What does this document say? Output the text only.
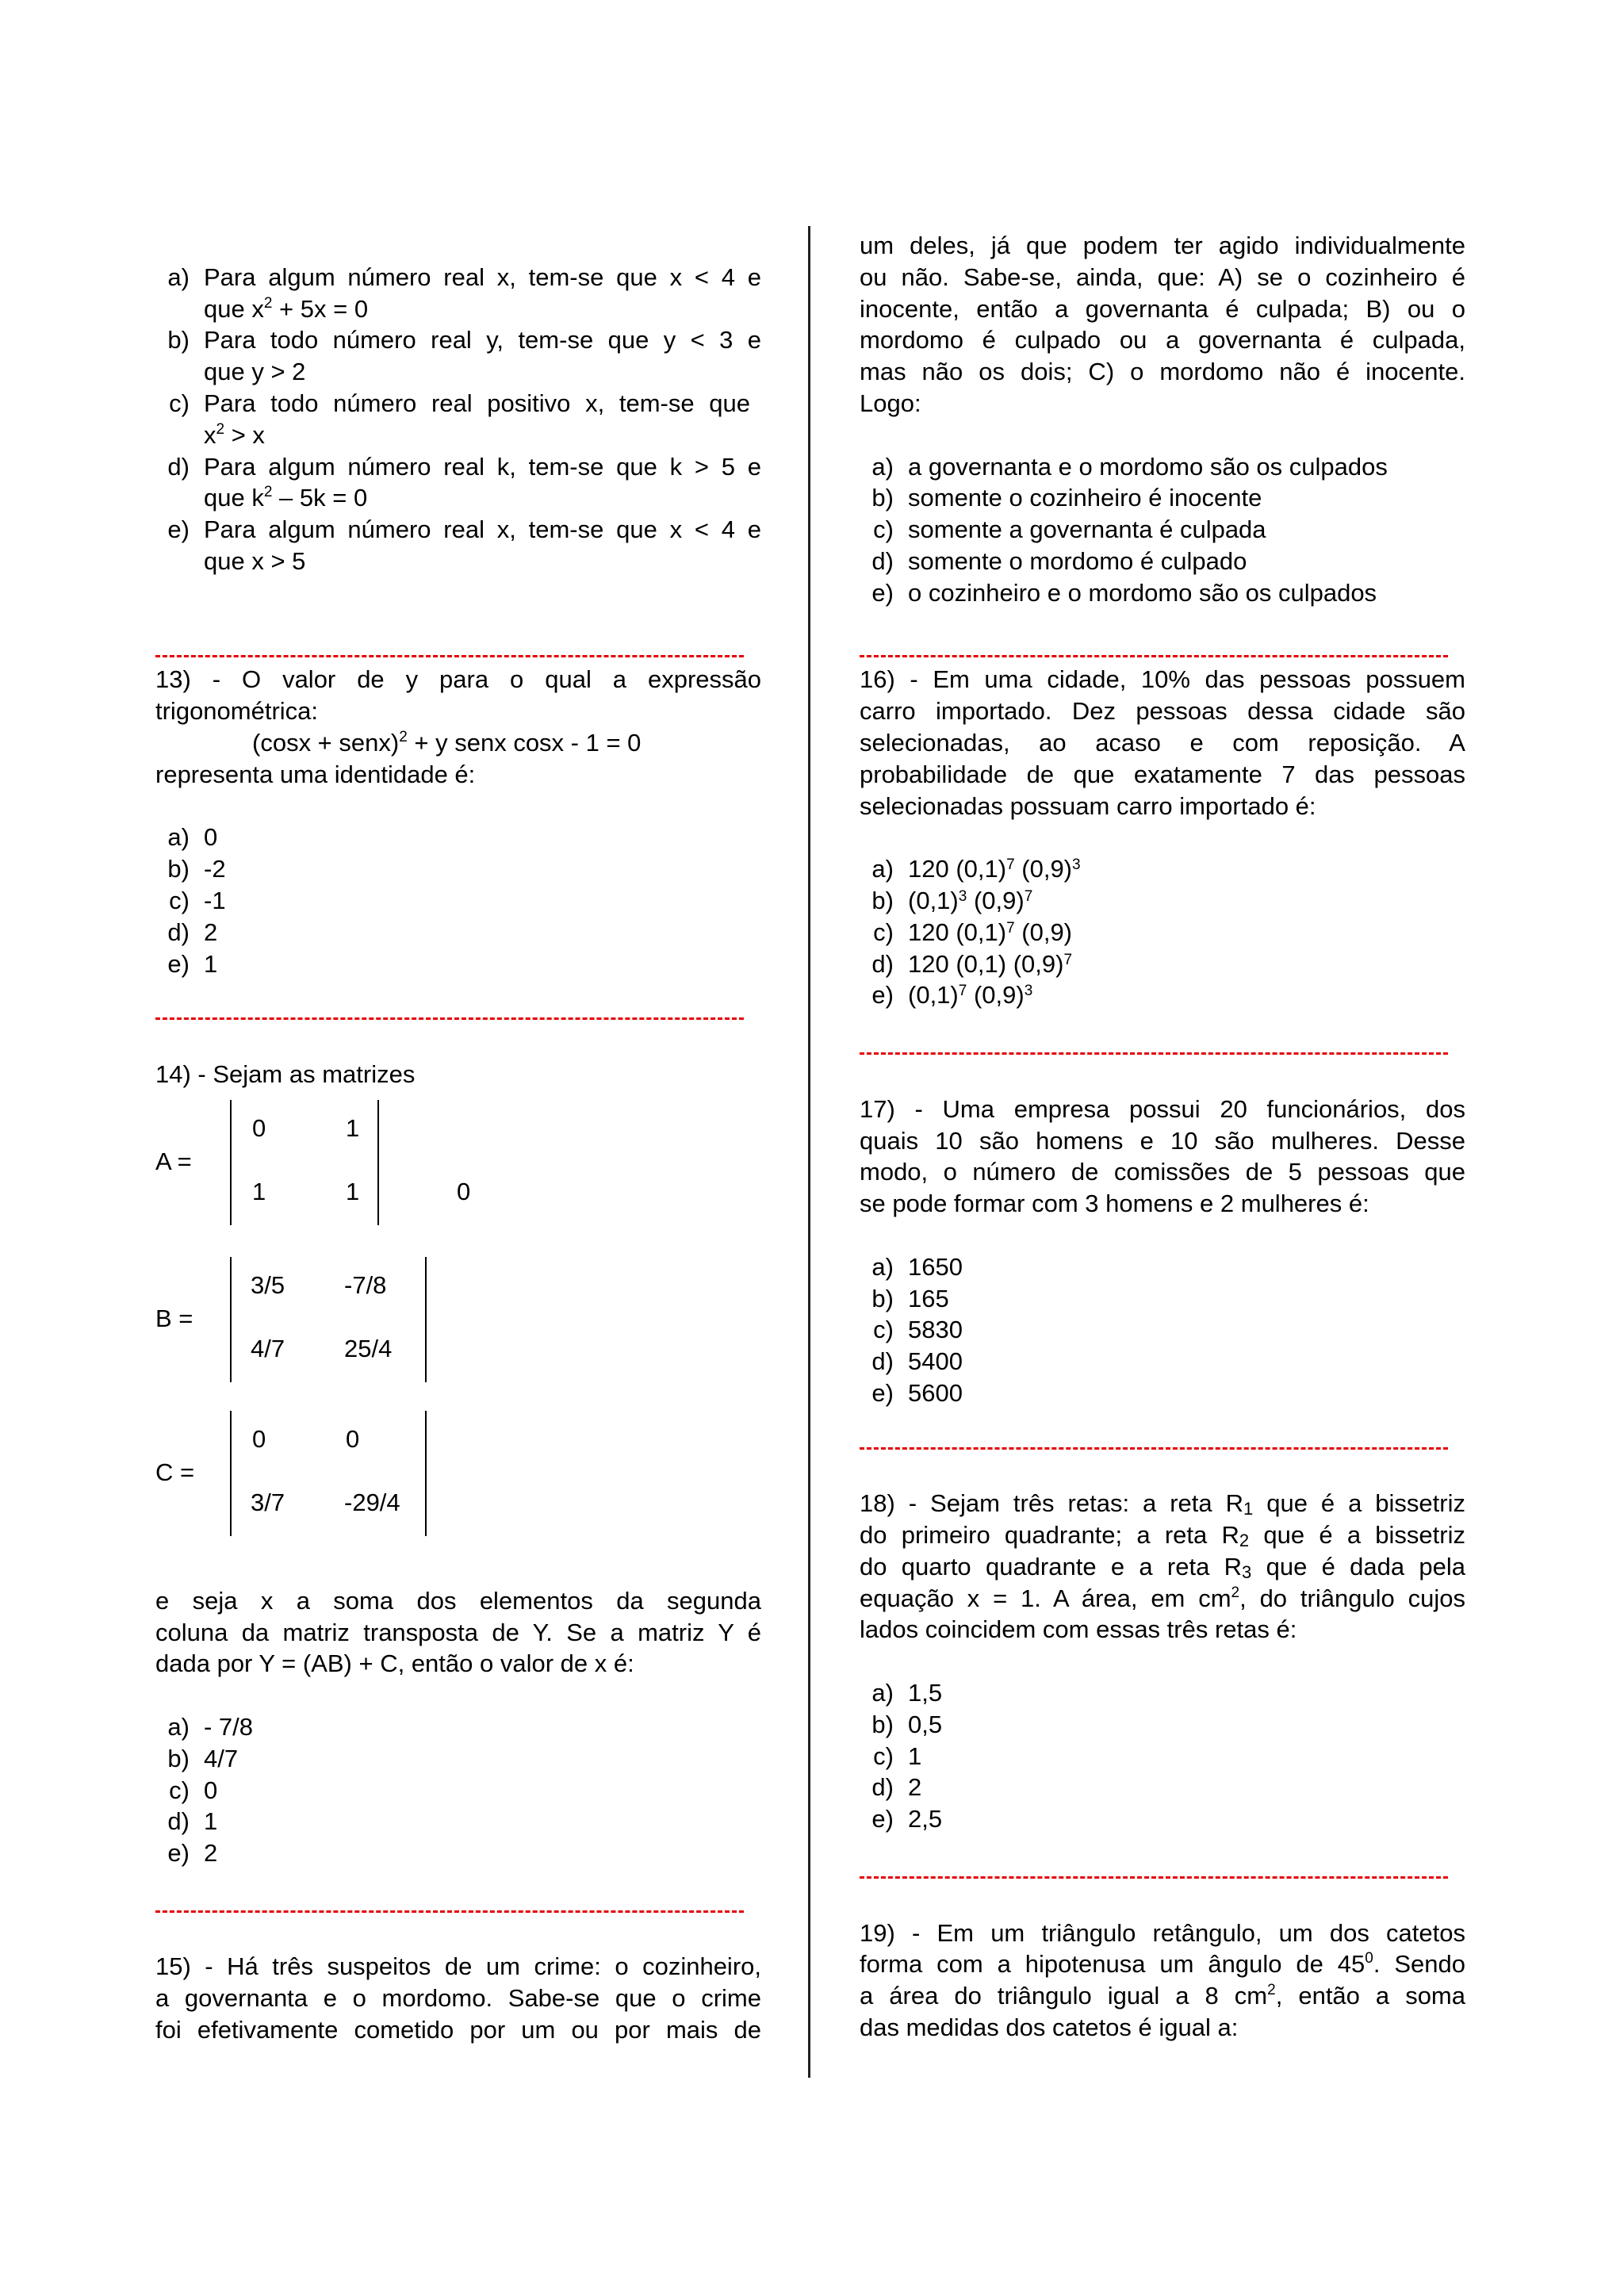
a) Para algum número real x, tem-se que x < 4 e
que $x^2 + 5x = 0$
b) Para todo número real y, tem-se que y < 3 e
que y > 2
c) Para todo número real positivo x, tem-se que
$x^2 > x$
d) Para algum número real k, tem-se que k > 5 e
que $k^2 - 5k = 0$
e) Para algum número real x, tem-se que x < 4 e
que x > 5
13) - O valor de y para o qual a expressão
trigonométrica:
(cosx + senx)$^2$ + y senx cosx - 1 = 0
representa uma identidade é:
a) 0
b) -2
c) -1
d) 2
e) 1
14) - Sejam as matrizes
A =
0	1
1	1	0
B =
3/5 -7/8
4/7 25/4
C =
0	0
3/7 -29/4
e seja x a soma dos elementos da segunda
coluna da matriz transposta de Y. Se a matriz Y é
dada por Y = (AB) + C, então o valor de x é:
a) - 7/8
b) 4/7
c) 0
d) 1
e) 2
15) - Há três suspeitos de um crime: o cozinheiro,
a governanta e o mordomo. Sabe-se que o crime
foi efetivamente cometido por um ou por mais de
um deles, já que podem ter agido individualmente
ou não. Sabe-se, ainda, que: A) se o cozinheiro é
inocente, então a governanta é culpada; B) ou o
mordomo é culpado ou a governanta é culpada,
mas não os dois; C) o mordomo não é inocente.
Logo:
a) a governanta e o mordomo são os culpados
b) somente o cozinheiro é inocente
c) somente a governanta é culpada
d) somente o mordomo é culpado
e) o cozinheiro e o mordomo são os culpados
16) - Em uma cidade, 10% das pessoas possuem
carro importado. Dez pessoas dessa cidade são
selecionadas, ao acaso e com reposição. A
probabilidade de que exatamente 7 das pessoas
selecionadas possuam carro importado é:
a) 120 $(0,1)^7$ $(0,9)^3$
b) $(0,1)^3$ $(0,9)^7$
c) 120 $(0,1)^7$ (0,9)
d) 120 (0,1) $(0,9)^7$
e) $(0,1)^7$ $(0,9)^3$
17) - Uma empresa possui 20 funcionários, dos
quais 10 são homens e 10 são mulheres. Desse
modo, o número de comissões de 5 pessoas que
se pode formar com 3 homens e 2 mulheres é:
a) 1650
b) 165
c) 5830
d) 5400
e) 5600
18) - Sejam três retas: a reta $R_1$ que é a bissetriz
do primeiro quadrante; a reta $R_2$ que é a bissetriz
do quarto quadrante e a reta $R_3$ que é dada pela
equação x = 1. A área, em $cm^2$, do triângulo cujos
lados coincidem com essas três retas é:
a) 1,5
b) 0,5
c) 1
d) 2
e) 2,5
19) - Em um triângulo retângulo, um dos catetos
forma com a hipotenusa um ângulo de $45^0$. Sendo
a área do triângulo igual a 8 $cm^2$, então a soma
das medidas dos catetos é igual a:
